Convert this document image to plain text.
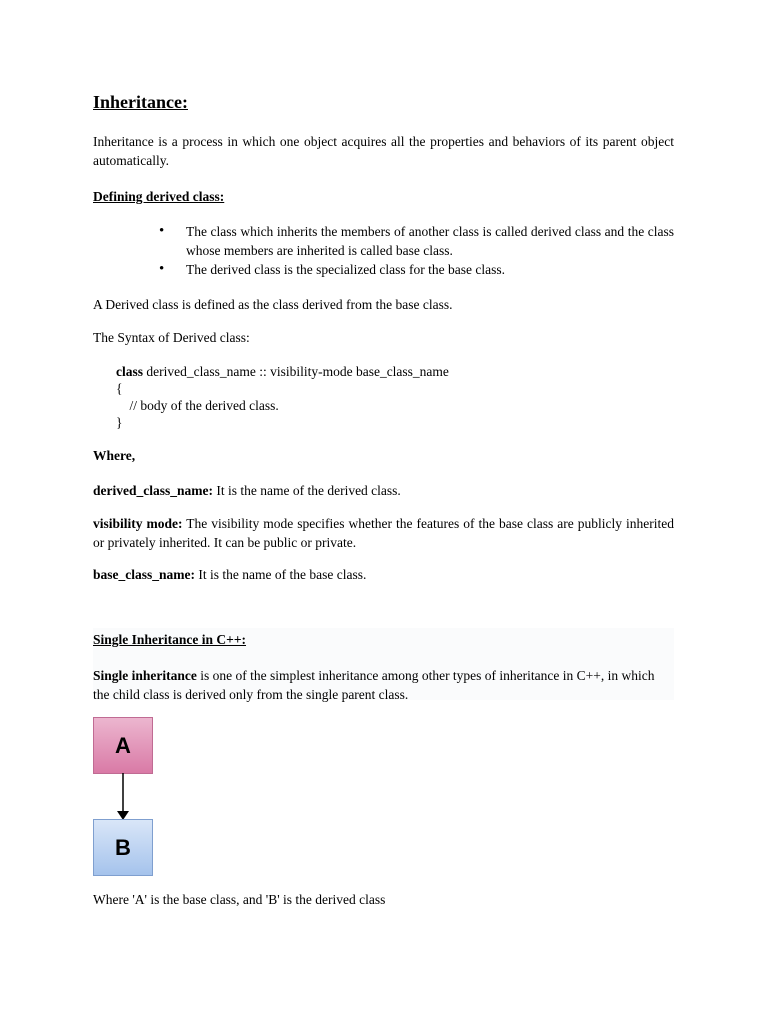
Inheritance:

Inheritance is a process in which one object acquires all the properties and behaviors of its parent object automatically.

Defining derived class:

• The class which inherits the members of another class is called derived class and the class whose members are inherited is called base class.
• The derived class is the specialized class for the base class.

A Derived class is defined as the class derived from the base class.

The Syntax of Derived class:

class derived_class_name :: visibility-mode base_class_name
{
// body of the derived class.
}

Where,

derived_class_name: It is the name of the derived class.

visibility mode: The visibility mode specifies whether the features of the base class are publicly inherited or privately inherited. It can be public or private.

base_class_name: It is the name of the base class.

Single Inheritance in C++:

Single inheritance is one of the simplest inheritance among other types of inheritance in C++, in which the child class is derived only from the single parent class.

A
B

Where 'A' is the base class, and 'B' is the derived class
